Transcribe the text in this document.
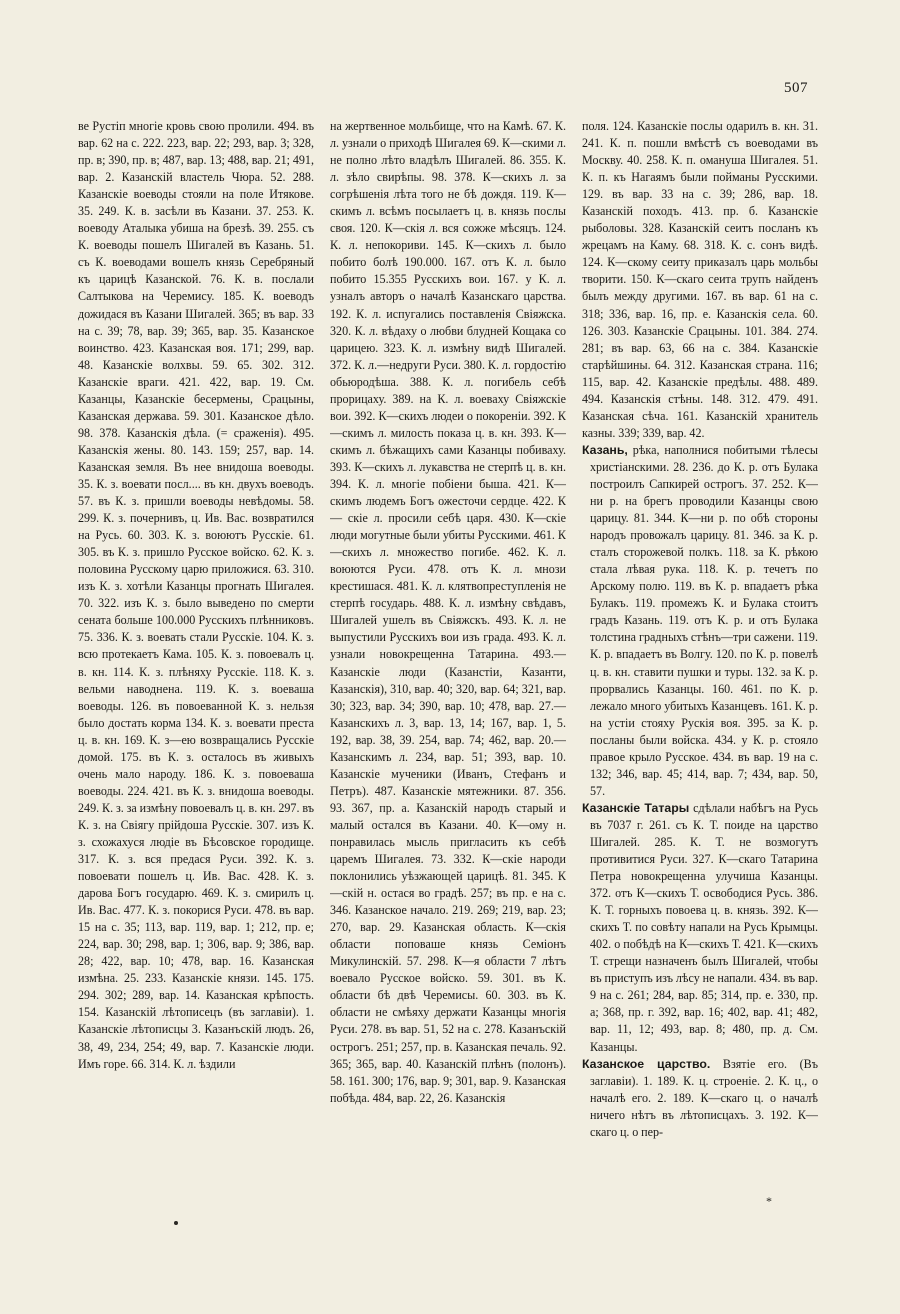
507

ве Рустіп многіе кровь свою пролили. 494. въ вар. 62 на с. 222. 223, вар. 22; 293, вар. 3; 328, пр. в; 390, пр. в; 487, вар. 13; 488, вар. 21; 491, вар. 2. Казанскій властель Чюра. 52. 288. Казанскіе воеводы стояли на поле Итякове. 35. 249. К. в. засѣли въ Казани. 37. 253. К. воеводу Аталыка убиша на брезѣ. 39. 255. съ К. воеводы пошелъ Шигалей въ Казань. 51. съ К. воеводами вошелъ князь Серебряный къ царицѣ Казанской. 76. К. в. послали Салтыкова на Черемису. 185. К. воеводъ дожидася въ Казани Шигалей. 365; въ вар. 33 на с. 39; 78, вар. 39; 365, вар. 35. Казанское воинство. 423. Казанская воя. 171; 299, вар. 48. Казанскіе волхвы. 59. 65. 302. 312. Казанскіе враги. 421. 422, вар. 19. См. Казанцы, Казанскіе бесермены, Срацыны, Казанская держава. 59. 301. Казанское дѣло. 98. 378. Казанскія дѣла. (= сраженія). 495. Казанскія жены. 80. 143. 159; 257, вар. 14. Казанская земля. Въ нее внидоша воеводы. 35. К. з. воевати посл.... въ кн. двухъ воеводъ. 57. въ К. з. пришли воеводы невѣдомы. 58. 299. К. з. почернивъ, ц. Ив. Вас. возвратился на Русь. 60. 303. К. з. воюютъ Русскіе. 61. 305. въ К. з. пришло Русское войско. 62. К. з. половина Русскому царю приложися. 63. 310. изъ К. з. хотѣли Казанцы прогнать Шигалея. 70. 322. изъ К. з. было выведено по смерти сената больше 100.000 Русскихъ плѣнниковъ. 75. 336. К. з. воевать стали Русскіе. 104. К. з. всю протекаетъ Кама. 105. К. з. повоевалъ ц. в. кн. 114. К. з. плѣняху Русскіе. 118. К. з. вельми наводнена. 119. К. з. воеваша воеводы. 126. въ повоеванной К. з. нельзя было достать корма 134. К. з. воевати преста ц. в. кн. 169. К. з—ею возвращались Русскіе домой. 175. въ К. з. осталось въ живыхъ очень мало народу. 186. К. з. повоеваша воеводы. 224. 421. въ К. з. внидоша воеводы. 249. К. з. за измѣну повоевалъ ц. в. кн. 297. въ К. з. на Свіягу прійдоша Русскіе. 307. изъ К. з. схожахуся людіе въ Бѣсовское городище. 317. К. з. вся предася Руси. 392. К. з. повоевати пошелъ ц. Ив. Вас. 428. К. з. дарова Богъ государю. 469. К. з. смирилъ ц. Ив. Вас. 477. К. з. покорися Руси. 478. въ вар. 15 на с. 35; 113, вар. 119, вар. 1; 212, пр. е; 224, вар. 30; 298, вар. 1; 306, вар. 9; 386, вар. 28; 422, вар. 10; 478, вар. 16. Казанская измѣна. 25. 233. Казанскіе князи. 145. 175. 294. 302; 289, вар. 14. Казанская крѣпость. 154. Казанскій лѣтописецъ (въ заглавіи). 1. Казанскіе лѣтописцы 3. Казанъскій людъ. 26, 38, 49, 234, 254; 49, вар. 7. Казанскіе люди. Имъ горе. 66. 314. К. л. ѣздили

на жертвенное мольбище, что на Камѣ. 67. К. л. узнали о приходѣ Шигалея 69. К—скими л. не полно лѣто владѣлъ Шигалей. 86. 355. К. л. зѣло свирѣпы. 98. 378. К—скихъ л. за согрѣшенія лѣта того не бѣ дождя. 119. К—скимъ л. всѣмъ посылаетъ ц. в. князь послы своя. 120. К—скія л. вся сожже мѣсяцъ. 124. К. л. непокориви. 145. К—скихъ л. было побито болѣ 190.000. 167. отъ К. л. было побито 15.355 Русскихъ вои. 167. у К. л. узналъ авторъ о началѣ Казанскаго царства. 192. К. л. испугались поставленія Свіяжска. 320. К. л. вѣдаху о любви блудней Кощака со царицею. 323. К. л. измѣну видѣ Шигалей. 372. К. л.—недруги Руси. 380. К. л. гордостію обьюродѣша. 388. К. л. погибель себѣ прорицаху. 389. на К. л. воеваху Свіяжскіе вои. 392. К—скихъ людеи о покореніи. 392. К—скимъ л. милость показа ц. в. кн. 393. К—скимъ л. бѣжащихъ сами Казанцы побиваху. 393. К—скихъ л. лукавства не стерпѣ ц. в. кн. 394. К. л. многіе побіени быша. 421. К—скимъ людемъ Богъ ожесточи сердце. 422. К — скіе л. просили себѣ царя. 430. К—скіе люди могутные были убиты Русскими. 461. К—скихъ л. множество погибе. 462. К. л. воюются Руси. 478. отъ К. л. мнози крестишася. 481. К. л. клятвопреступленія не стерпѣ государь. 488. К. л. измѣну свѣдавъ, Шигалей ушелъ въ Свіяжскъ. 493. К. л. не выпустили Русскихъ вои изъ града. 493. К. л. узнали новокрещенна Татарина. 493.—Казанскіе люди (Казанстіи, Казанти, Казанскія), 310, вар. 40; 320, вар. 64; 321, вар. 30; 323, вар. 34; 390, вар. 10; 478, вар. 27.—Казанскихъ л. 3, вар. 13, 14; 167, вар. 1, 5. 192, вар. 38, 39. 254, вар. 74; 462, вар. 20.—Казанскимъ л. 234, вар. 51; 393, вар. 10. Казанскіе мученики (Иванъ, Стефанъ и Петръ). 487. Казанскіе мятежники. 87. 356. 93. 367, пр. а. Казанскій народъ старый и малый остался въ Казани. 40. К—ому н. понравилась мысль пригласить къ себѣ царемъ Шигалея. 73. 332. К—скіе народи поклонились уѣзжающей царицѣ. 81. 345. К—скій н. остася во градѣ. 257; въ пр. е на с. 346. Казанское начало. 219. 269; 219, вар. 23; 270, вар. 29. Казанская область. К—скія области поповаше князь Семіонъ Микулинскій. 57. 298. К—я области 7 лѣтъ воевало Русское войско. 59. 301. въ К. области бѣ двѣ Черемисы. 60. 303. въ К. области не смѣяху держати Казанцы многія Руси. 278. въ вар. 51, 52 на с. 278. Казанъскій острогъ. 251; 257, пр. в. Казанская печаль. 92. 365; 365, вар. 40. Казанскій плѣнъ (полонъ). 58. 161. 300; 176, вар. 9; 301, вар. 9. Казанская побѣда. 484, вар. 22, 26. Казанскія

поля. 124. Казанскіе послы одарилъ в. кн. 31. 241. К. п. пошли вмѣстѣ съ воеводами въ Москву. 40. 258. К. п. омануша Шигалея. 51. К. п. къ Нагаямъ были пойманы Русскими. 129. въ вар. 33 на с. 39; 286, вар. 18. Казанскій походъ. 413. пр. б. Казанскіе рыболовы. 328. Казанскій сеитъ посланъ къ жрецамъ на Каму. 68. 318. К. с. сонъ видѣ. 124. К—скому сеиту приказалъ царь мольбы творити. 150. К—скаго сеита трупъ найденъ былъ между другими. 167. въ вар. 61 на с. 318; 336, вар. 16, пр. е. Казанскія села. 60. 126. 303. Казанскіе Срацыны. 101. 384. 274. 281; въ вар. 63, 66 на с. 384. Казанскіе старѣйшины. 64. 312. Казанская страна. 116; 115, вар. 42. Казанскіе предѣлы. 488. 489. 494. Казанскія стѣны. 148. 312. 479. 491. Казанская сѣча. 161. Казанскій хранитель казны. 339; 339, вар. 42.

Казань, рѣка, наполнися побитыми тѣлесы христіанскими. 28. 236. до К. р. отъ Булака построилъ Сапкирей острогъ. 37. 252. К—ни р. на брегъ проводили Казанцы свою царицу. 81. 344. К—ни р. по обѣ стороны народъ провожалъ царицу. 81. 346. за К. р. сталъ сторожевой полкъ. 118. за К. рѣкою стала лѣвая рука. 118. К. р. течетъ по Арскому полю. 119. въ К. р. впадаетъ рѣка Булакъ. 119. промежъ К. и Булака стоитъ градъ Казань. 119. отъ К. р. и отъ Булака толстина градныхъ стѣнъ—три сажени. 119. К. р. впадаетъ въ Волгу. 120. по К. р. повелѣ ц. в. кн. ставити пушки и туры. 132. за К. р. прорвались Казанцы. 160. 461. по К. р. лежало много убитыхъ Казанцевъ. 161. К. р. на устіи стояху Рускія воя. 395. за К. р. посланы были войска. 434. у К. р. стояло правое крыло Русское. 434. въ вар. 19 на с. 132; 346, вар. 45; 414, вар. 7; 434, вар. 50, 57.

Казанскіе Татары сдѣлали набѣгъ на Русь въ 7037 г. 261. съ К. Т. поиде на царство Шигалей. 285. К. Т. не возмогутъ противитися Руси. 327. К—скаго Татарина Петра новокрещенна улучиша Казанцы. 372. отъ К—скихъ Т. освободися Русь. 386. К. Т. горныхъ повоева ц. в. князь. 392. К—скихъ Т. по совѣту напали на Русь Крымцы. 402. о побѣдѣ на К—скихъ Т. 421. К—скихъ Т. стрещи назначенъ былъ Шигалей, чтобы въ приступъ изъ лѣсу не напали. 434. въ вар. 9 на с. 261; 284, вар. 85; 314, пр. е. 330, пр. а; 368, пр. г. 392, вар. 16; 402, вар. 41; 482, вар. 11, 12; 493, вар. 8; 480, пр. д. См. Казанцы.

Казанское царство. Взятіе его. (Въ заглавіи). 1. 189. К. ц. строеніе. 2. К. ц., о началѣ его. 2. 189. К—скаго ц. о началѣ ничего нѣтъ въ лѣтописцахъ. 3. 192. К—скаго ц. о пер-

*
